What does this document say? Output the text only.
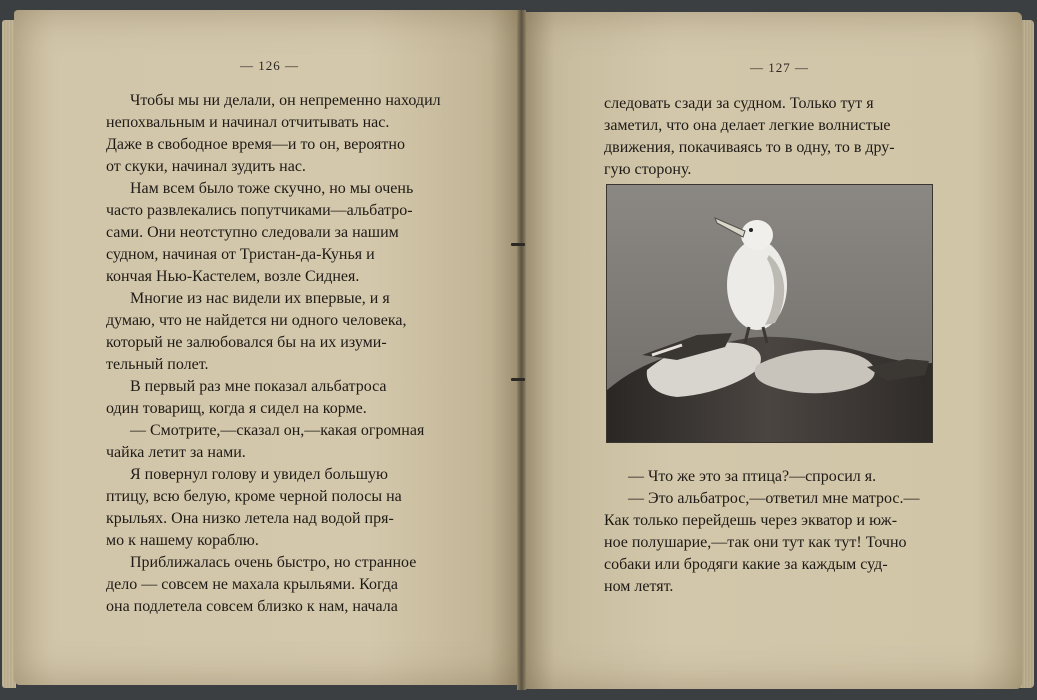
— 126 —
Чтобы мы ни делали, он непременно находил
непохвальным и начинал отчитывать нас.
Даже в свободное время—и то он, вероятно
от скуки, начинал зудить нас.
Нам всем было тоже скучно, но мы очень
часто развлекались попутчиками—альбатро-
сами. Они неотступно следовали за нашим
судном, начиная от Тристан-да-Кунья и
кончая Нью-Кастелем, возле Сиднея.
Многие из нас видели их впервые, и я
думаю, что не найдется ни одного человека,
который не залюбовался бы на их изуми-
тельный полет.
В первый раз мне показал альбатроса
один товарищ, когда я сидел на корме.
— Смотрите,—сказал он,—какая огромная
чайка летит за нами.
Я повернул голову и увидел большую
птицу, всю белую, кроме черной полосы на
крыльях. Она низко летела над водой пря-
мо к нашему кораблю.
Приближалась очень быстро, но странное
дело — совсем не махала крыльями. Когда
она подлетела совсем близко к нам, начала
— 127 —
следовать сзади за судном. Только тут я
заметил, что она делает легкие волнистые
движения, покачиваясь то в одну, то в дру-
гую сторону.
— Что же это за птица?—спросил я.
— Это альбатрос,—ответил мне матрос.—
Как только перейдешь через экватор и юж-
ное полушарие,—так они тут как тут! Точно
собаки или бродяги какие за каждым суд-
ном летят.
